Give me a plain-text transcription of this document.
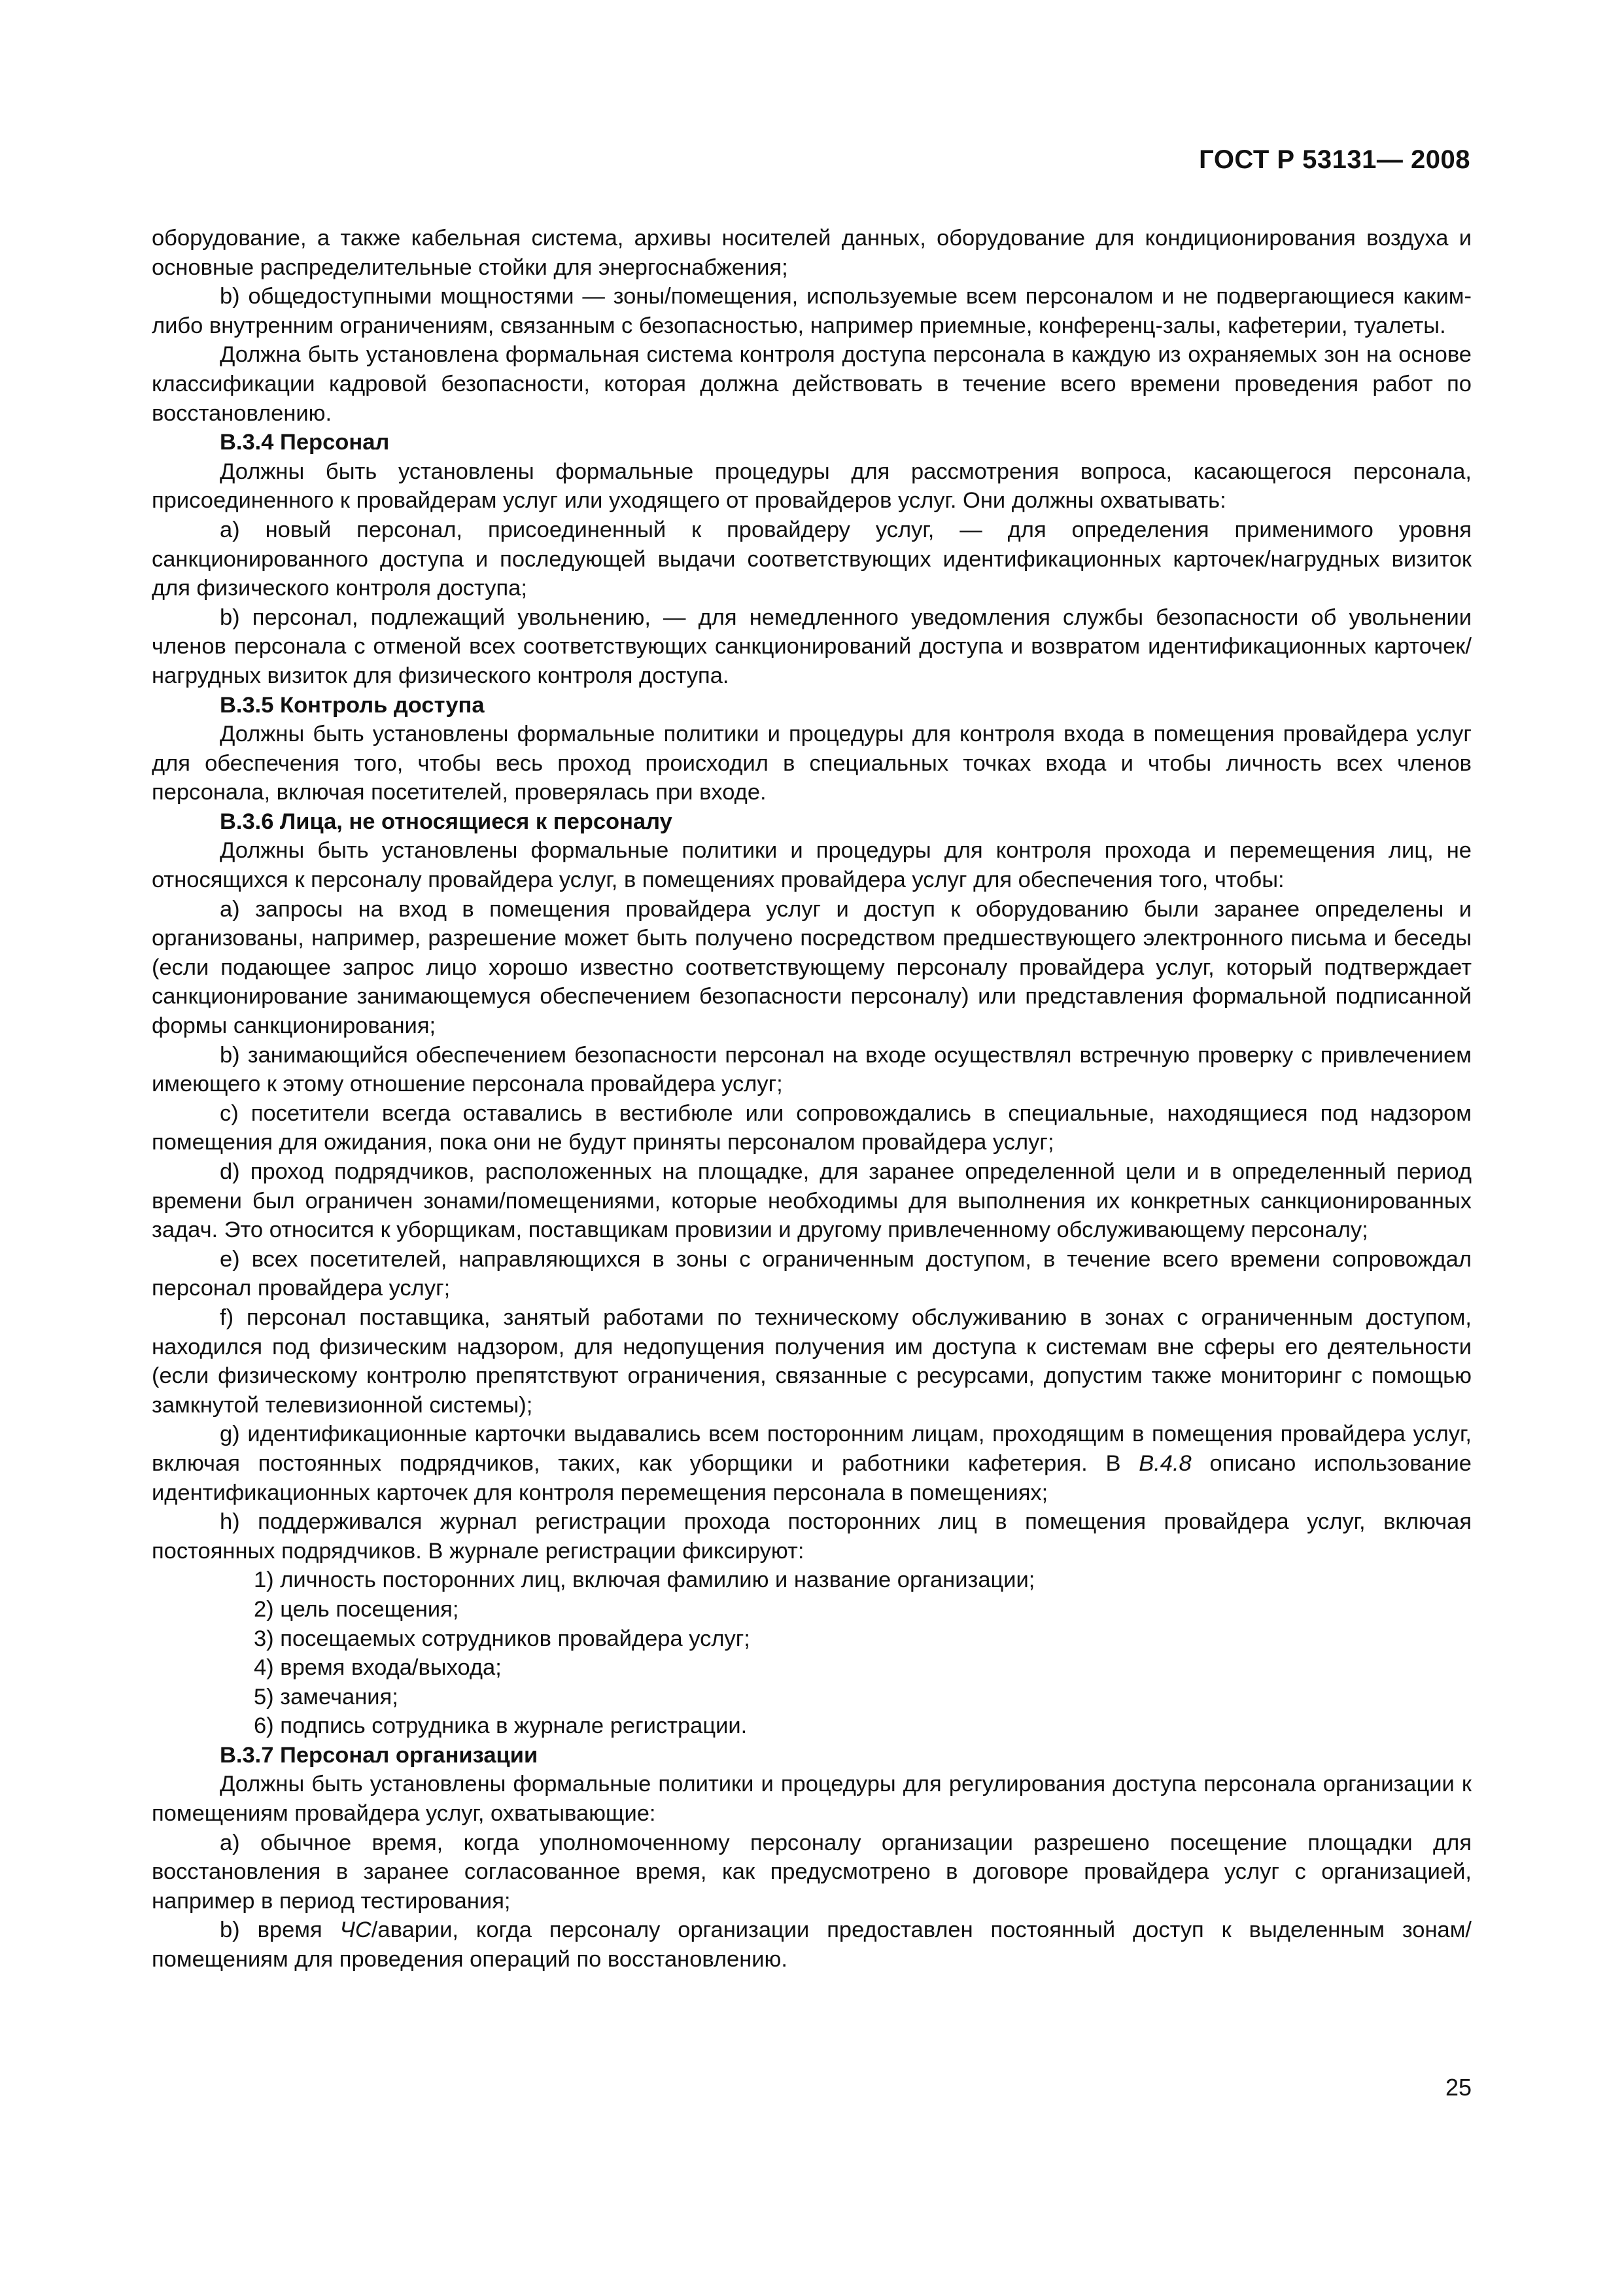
ГОСТ Р 53131— 2008

оборудование, а также кабельная система, архивы носителей данных, оборудование для кондиционирования воздуха и основные распределительные стойки для энергоснабжения;

b) общедоступными мощностями — зоны/помещения, используемые всем персоналом и не подвергающиеся каким-либо внутренним ограничениям, связанным с безопасностью, например приемные, конференц-залы, кафетерии, туалеты.

Должна быть установлена формальная система контроля доступа персонала в каждую из охраняемых зон на основе классификации кадровой безопасности, которая должна действовать в течение всего времени проведения работ по восстановлению.

В.3.4 Персонал

Должны быть установлены формальные процедуры для рассмотрения вопроса, касающегося персонала, присоединенного к провайдерам услуг или уходящего от провайдеров услуг. Они должны охватывать:

а) новый персонал, присоединенный к провайдеру услуг, — для определения применимого уровня санкционированного доступа и последующей выдачи соответствующих идентификационных карточек/нагрудных визиток для физического контроля доступа;

b) персонал, подлежащий увольнению, — для немедленного уведомления службы безопасности об увольнении членов персонала с отменой всех соответствующих санкционирований доступа и возвратом идентификационных карточек/нагрудных визиток для физического контроля доступа.

В.3.5 Контроль доступа

Должны быть установлены формальные политики и процедуры для контроля входа в помещения провайдера услуг для обеспечения того, чтобы весь проход происходил в специальных точках входа и чтобы личность всех членов персонала, включая посетителей, проверялась при входе.

В.3.6 Лица, не относящиеся к персоналу

Должны быть установлены формальные политики и процедуры для контроля прохода и перемещения лиц, не относящихся к персоналу провайдера услуг, в помещениях провайдера услуг для обеспечения того, чтобы:

а) запросы на вход в помещения провайдера услуг и доступ к оборудованию были заранее определены и организованы, например, разрешение может быть получено посредством предшествующего электронного письма и беседы (если подающее запрос лицо хорошо известно соответствующему персоналу провайдера услуг, который подтверждает санкционирование занимающемуся обеспечением безопасности персоналу) или представления формальной подписанной формы санкционирования;

b) занимающийся обеспечением безопасности персонал на входе осуществлял встречную проверку с привлечением имеющего к этому отношение персонала провайдера услуг;

с) посетители всегда оставались в вестибюле или сопровождались в специальные, находящиеся под надзором помещения для ожидания, пока они не будут приняты персоналом провайдера услуг;

d) проход подрядчиков, расположенных на площадке, для заранее определенной цели и в определенный период времени был ограничен зонами/помещениями, которые необходимы для выполнения их конкретных санкционированных задач. Это относится к уборщикам, поставщикам провизии и другому привлеченному обслуживающему персоналу;

е) всех посетителей, направляющихся в зоны с ограниченным доступом, в течение всего времени сопровождал персонал провайдера услуг;

f) персонал поставщика, занятый работами по техническому обслуживанию в зонах с ограниченным доступом, находился под физическим надзором, для недопущения получения им доступа к системам вне сферы его деятельности (если физическому контролю препятствуют ограничения, связанные с ресурсами, допустим также мониторинг с помощью замкнутой телевизионной системы);

g) идентификационные карточки выдавались всем посторонним лицам, проходящим в помещения провайдера услуг, включая постоянных подрядчиков, таких, как уборщики и работники кафетерия. В В.4.8 описано использование идентификационных карточек для контроля перемещения персонала в помещениях;

h) поддерживался журнал регистрации прохода посторонних лиц в помещения провайдера услуг, включая постоянных подрядчиков. В журнале регистрации фиксируют:

1) личность посторонних лиц, включая фамилию и название организации;

2) цель посещения;

3) посещаемых сотрудников провайдера услуг;

4) время входа/выхода;

5) замечания;

6) подпись сотрудника в журнале регистрации.

В.3.7 Персонал организации

Должны быть установлены формальные политики и процедуры для регулирования доступа персонала организации к помещениям провайдера услуг, охватывающие:

а) обычное время, когда уполномоченному персоналу организации разрешено посещение площадки для восстановления в заранее согласованное время, как предусмотрено в договоре провайдера услуг с организацией, например в период тестирования;

b) время ЧС/аварии, когда персоналу организации предоставлен постоянный доступ к выделенным зонам/помещениям для проведения операций по восстановлению.

25
